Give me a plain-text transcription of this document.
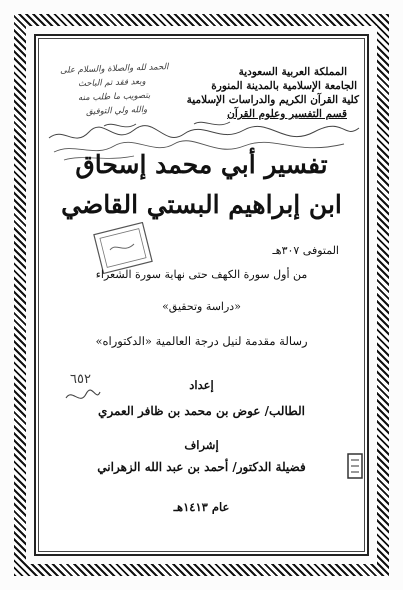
المملكة العربية السعودية
الجامعة الإسلامية بالمدينة المنورة
كلية القرآن الكريم والدراسات الإسلامية
قسم التفسير وعلوم القرآن
الحمد لله والصلاة والسلام على
وبعد فقد تم الباحث
بتصويب ما طلب منه
والله ولي التوفيق
تفسير أبي محمد إسحاق
ابن إبراهيم البستي القاضي
المتوفى ٣٠٧هـ
من أول سورة الكهف حتى نهاية سورة الشعراء
«دراسة وتحقيق»
رسالة مقدمة لنيل درجة العالمية «الدكتوراه»
٦٥٢	إعداد
الطالب/ عوض بن محمد بن ظافر العمري
إشراف
فضيلة الدكتور/ أحمد بن عبد الله الزهراني
عام ١٤١٣هـ
